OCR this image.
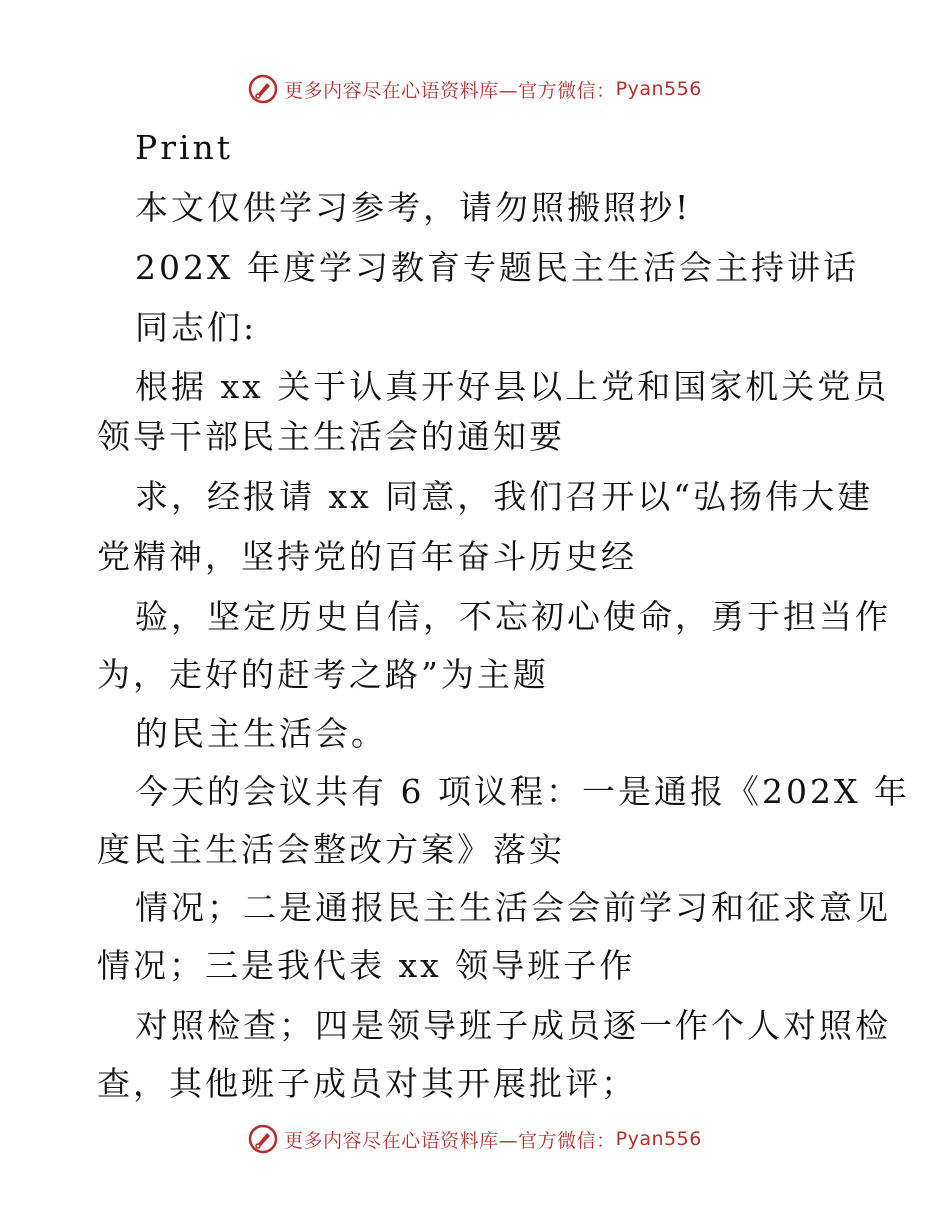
更多内容尽在心语资料库—官方微信： Pyan556
Print
本文仅供学习参考，请勿照搬照抄!
202X 年度学习教育专题民主生活会主持讲话
同志们:
根据 xx 关于认真开好县以上党和国家机关党员
领导干部民主生活会的通知要
求，经报请 xx 同意，我们召开以“弘扬伟大建
党精神，坚持党的百年奋斗历史经
验，坚定历史自信，不忘初心使命，勇于担当作
为，走好的赶考之路”为主题
的民主生活会。
今天的会议共有 6 项议程：一是通报《202X 年
度民主生活会整改方案》落实
情况；二是通报民主生活会会前学习和征求意见
情况；三是我代表 xx 领导班子作
对照检查；四是领导班子成员逐一作个人对照检
查，其他班子成员对其开展批评；
更多内容尽在心语资料库—官方微信： Pyan556
